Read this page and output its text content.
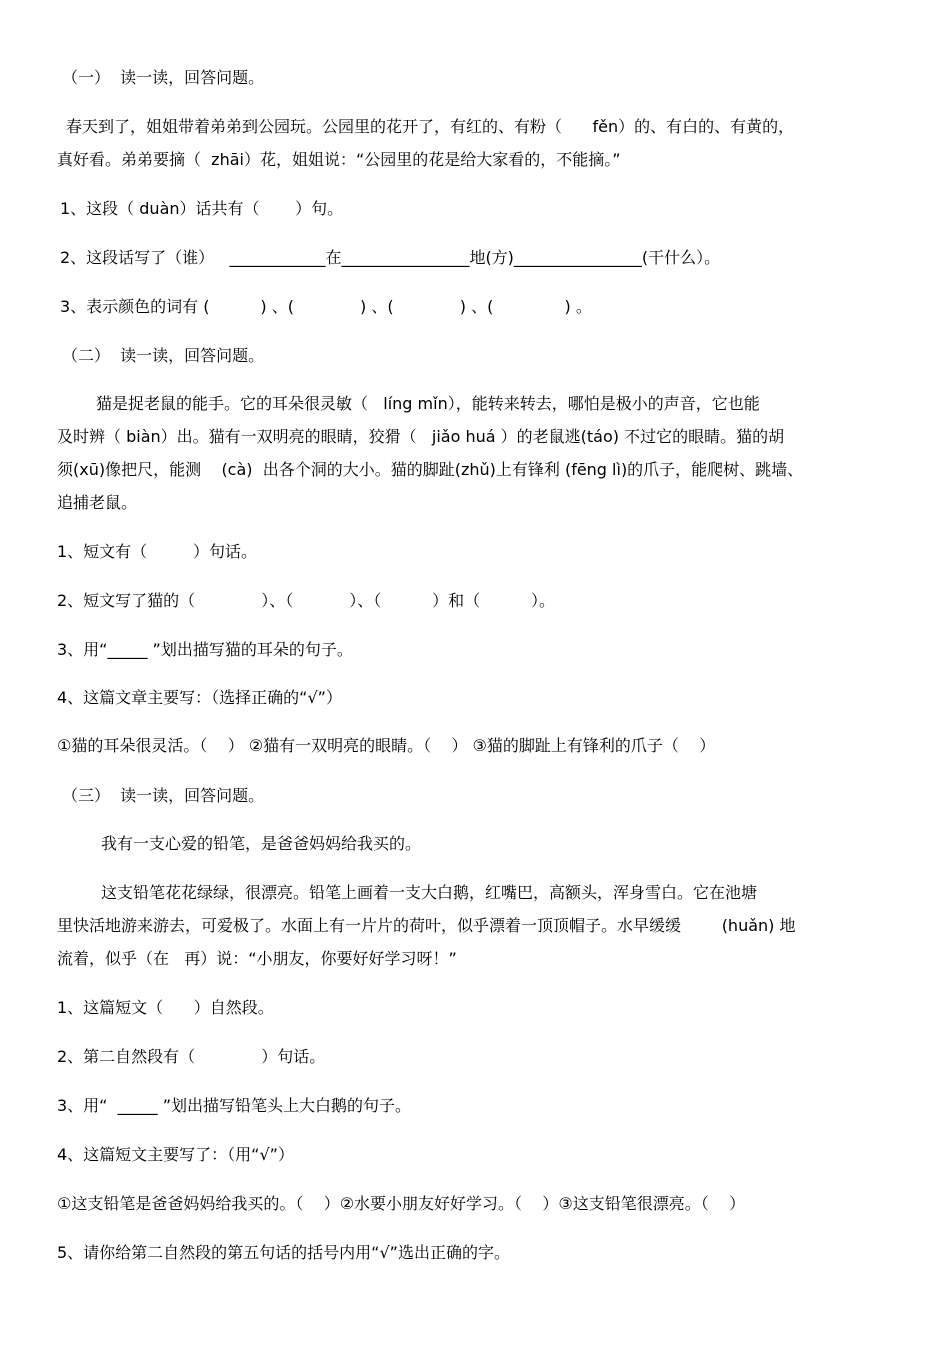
（一）  读一读，回答问题。
春天到了，姐姐带着弟弟到公园玩。公园里的花开了，有红的、有粉（      fěn）的、有白的、有黄的，
真好看。弟弟要摘（  zhāi）花，姐姐说：“公园里的花是给大家看的，不能摘。”
1、这段（ duàn）话共有（       ）句。
2、这段话写了（谁）   ____________在________________地(方)________________(干什么）。
3、表示颜色的词有 (          ) 、(             ) 、(             ) 、(              ) 。
（二）  读一读，回答问题。
猫是捉老鼠的能手。它的耳朵很灵敏（   líng mǐn），能转来转去，哪怕是极小的声音，它也能
及时辨（ biàn）出。猫有一双明亮的眼睛，狡猾（   jiǎo huá ）的老鼠逃(táo) 不过它的眼睛。猫的胡
须(xū)像把尺，能测    (cà)  出各个洞的大小。猫的脚趾(zhǔ)上有锋利 (fēng lì)的爪子，能爬树、跳墙、
追捕老鼠。
1、短文有（         ）句话。
2、短文写了猫的（             ）、（           ）、（          ）和（          ）。
3、用“_____ ”划出描写猫的耳朵的句子。
4、这篇文章主要写：（选择正确的“√”）
①猫的耳朵很灵活。（    ） ②猫有一双明亮的眼睛。（    ） ③猫的脚趾上有锋利的爪子（    ）
（三）  读一读，回答问题。
我有一支心爱的铅笔，是爸爸妈妈给我买的。
这支铅笔花花绿绿，很漂亮。铅笔上画着一支大白鹅，红嘴巴，高额头，浑身雪白。它在池塘
里快活地游来游去，可爱极了。水面上有一片片的荷叶，似乎漂着一顶顶帽子。水早缓缓        (huǎn) 地
流着，似乎（在   再）说：“小朋友，你要好好学习呀！”
1、这篇短文（      ）自然段。
2、第二自然段有（             ）句话。
3、用“  _____ ”划出描写铅笔头上大白鹅的句子。
4、这篇短文主要写了：（用“√”）
①这支铅笔是爸爸妈妈给我买的。（    ）②水要小朋友好好学习。（    ）③这支铅笔很漂亮。（    ）
5、请你给第二自然段的第五句话的括号内用“√”选出正确的字。
